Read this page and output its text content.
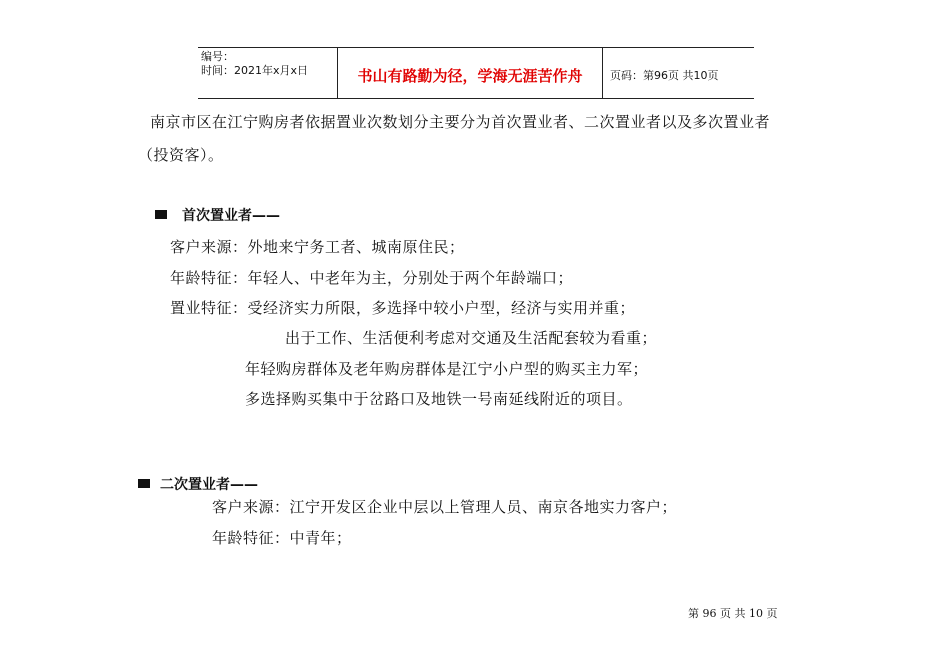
编号：
时间：2021年x月x日	书山有路勤为径，学海无涯苦作舟	页码：第96页 共10页
南京市区在江宁购房者依据置业次数划分主要分为首次置业者、二次置业者以及多次置业者
（投资客）。
首次置业者——
客户来源：外地来宁务工者、城南原住民；
年龄特征：年轻人、中老年为主，分别处于两个年龄端口；
置业特征：受经济实力所限，多选择中较小户型，经济与实用并重；
出于工作、生活便利考虑对交通及生活配套较为看重；
年轻购房群体及老年购房群体是江宁小户型的购买主力军；
多选择购买集中于岔路口及地铁一号南延线附近的项目。
二次置业者——
客户来源：江宁开发区企业中层以上管理人员、南京各地实力客户；
年龄特征：中青年；
第 96 页 共 10 页
